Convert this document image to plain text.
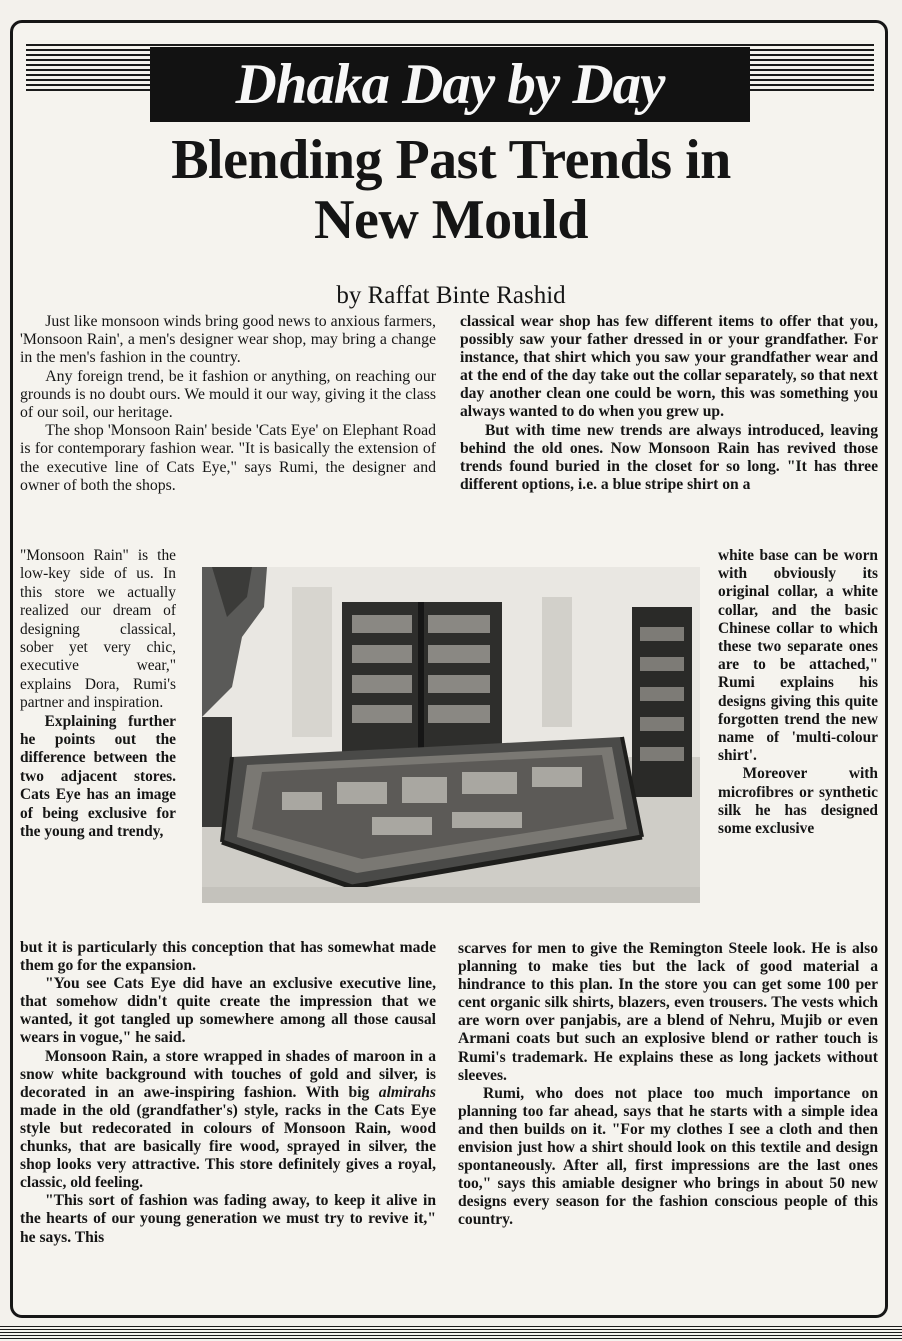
Dhaka Day by Day
Blending Past Trends in
New Mould
by Raffat Binte Rashid

Just like monsoon winds bring good news to anxious farmers, 'Monsoon Rain', a men's designer wear shop, may bring a change in the men's fashion in the country.

Any foreign trend, be it fashion or anything, on reaching our grounds is no doubt ours. We mould it our way, giving it the class of our soil, our heritage.

The shop 'Monsoon Rain' beside 'Cats Eye' on Elephant Road is for contemporary fashion wear. "It is basically the extension of the executive line of Cats Eye," says Rumi, the designer and owner of both the shops.

"Monsoon Rain" is the low-key side of us. In this store we actually realized our dream of designing classical, sober yet very chic, executive wear," explains Dora, Rumi's partner and inspiration.

Explaining further he points out the difference between the two adjacent stores. Cats Eye has an image of being exclusive for the young and trendy,

but it is particularly this conception that has somewhat made them go for the expansion.

"You see Cats Eye did have an exclusive executive line, that somehow didn't quite create the impression that we wanted, it got tangled up somewhere among all those causal wears in vogue," he said.

Monsoon Rain, a store wrapped in shades of maroon in a snow white background with touches of gold and silver, is decorated in an awe-inspiring fashion. With big almirahs made in the old (grandfather's) style, racks in the Cats Eye style but redecorated in colours of Monsoon Rain, wood chunks, that are basically fire wood, sprayed in silver, the shop looks very attractive. This store definitely gives a royal, classic, old feeling.

"This sort of fashion was fading away, to keep it alive in the hearts of our young generation we must try to revive it," he says. This

classical wear shop has few different items to offer that you, possibly saw your father dressed in or your grandfather. For instance, that shirt which you saw your grandfather wear and at the end of the day take out the collar separately, so that next day another clean one could be worn, this was something you always wanted to do when you grew up.

But with time new trends are always introduced, leaving behind the old ones. Now Monsoon Rain has revived those trends found buried in the closet for so long. "It has three different options, i.e. a blue stripe shirt on a

white base can be worn with obviously its original collar, a white collar, and the basic Chinese collar to which these two separate ones are to be attached," Rumi explains his designs giving this quite forgotten trend the new name of 'multi-colour shirt'.

Moreover with microfibres or synthetic silk he has designed some exclusive

scarves for men to give the Remington Steele look. He is also planning to make ties but the lack of good material a hindrance to this plan. In the store you can get some 100 per cent organic silk shirts, blazers, even trousers. The vests which are worn over panjabis, are a blend of Nehru, Mujib or even Armani coats but such an explosive blend or rather touch is Rumi's trademark. He explains these as long jackets without sleeves.

Rumi, who does not place too much importance on planning too far ahead, says that he starts with a simple idea and then builds on it. "For my clothes I see a cloth and then envision just how a shirt should look on this textile and design spontaneously. After all, first impressions are the last ones too," says this amiable designer who brings in about 50 new designs every season for the fashion conscious people of this country.
